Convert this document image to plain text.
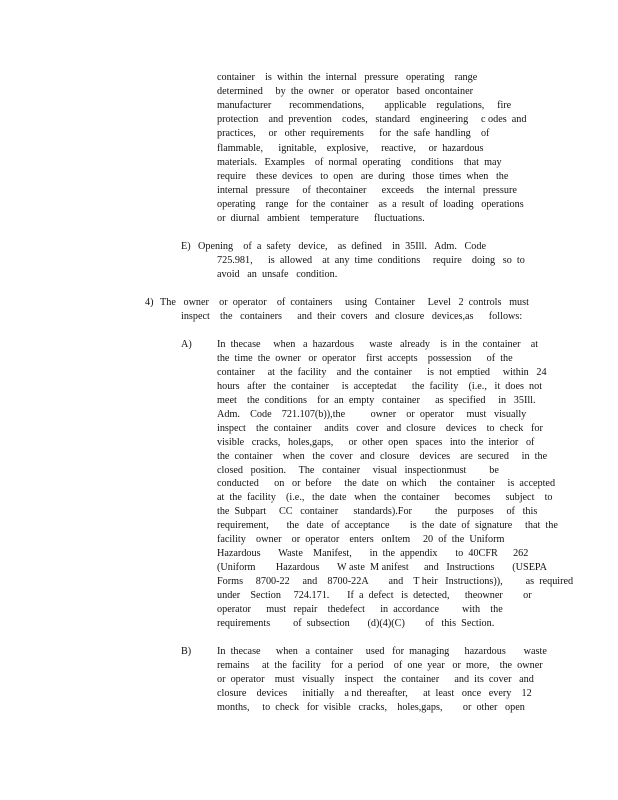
container    is  within  the  internal   pressure   operating    range
determined     by  the  owner   or  operator   based  oncontainer
manufacturer       recommendations,        applicable    regulations,     fire
protection    and  prevention    codes,   standard    engineering     c odes  and
practices,     or   other  requirements      for  the  safe  handling    of
flammable,      ignitable,    explosive,     reactive,     or  hazardous
materials.   Examples    of  normal  operating    conditions    that  may
require    these  devices   to  open   are  during   those  times  when   the
internal   pressure     of  thecontainer      exceeds     the  internal   pressure
operating    range   for  the  container    as  a  result  of  loading   operations
or  diurnal   ambient    temperature      fluctuations.
E) Opening    of  a  safety   device,    as  defined    in  35Ill.   Adm.   Code
725.981,      is  allowed    at  any  time  conditions     require    doing   so  to
avoid   an  unsafe   condition.
4) The   owner    or  operator    of  containers     using   Container     Level   2  controls   must
inspect    the   containers      and  their  covers   and  closure   devices,as      follows:
A) In  thecase     when   a  hazardous      waste   already    is  in  the  container    at
the  time  the  owner   or  operator    first  accepts    possession      of  the
container     at  the  facility    and  the  container      is  not  emptied     within   24
hours   after   the  container     is  acceptedat      the  facility    (i.e.,   it  does  not
meet    the  conditions    for  an  empty   container      as  specified     in   35Ill.
Adm.    Code    721.107(b)),the          owner    or  operator     must   visually
inspect    the  container     andits   cover   and  closure    devices    to  check   for
visible   cracks,   holes,gaps,      or  other  open   spaces   into  the  interior   of
the  container    when   the  cover   and  closure    devices    are  secured     in  the
closed   position.     The   container     visual   inspectionmust         be
conducted      on   or  before     the  date   on  which     the  container     is  accepted
at  the  facility    (i.e.,   the  date   when   the  container      becomes      subject    to
the  Subpart     CC   container      standards).For         the    purposes     of   this
requirement,       the   date   of  acceptance        is  the  date  of  signature     that  the
facility    owner    or  operator    enters   onItem     20  of  the  Uniform
Hazardous       Waste    Manifest,       in  the  appendix       to  40CFR      262
(Uniform        Hazardous       W aste  M anifest      and   Instructions       (USEPA
Forms     8700-22     and    8700-22A        and    T heir   Instructions)),         as  required
under    Section     724.171.       If  a  defect   is  detected,      theowner        or
operator      must   repair    thedefect      in  accordance         with    the
requirements         of  subsection       (d)(4)(C)        of   this  Section.
B)	In  thecase      when   a  container     used   for  managing      hazardous       waste
remains     at  the  facility    for  a  period    of  one  year   or  more,    the  owner
or  operator    must   visually    inspect    the  container      and  its  cover   and
closure    devices      initially    a nd  thereafter,      at  least   once   every    12
months,     to  check   for  visible   cracks,    holes,gaps,        or  other   open
